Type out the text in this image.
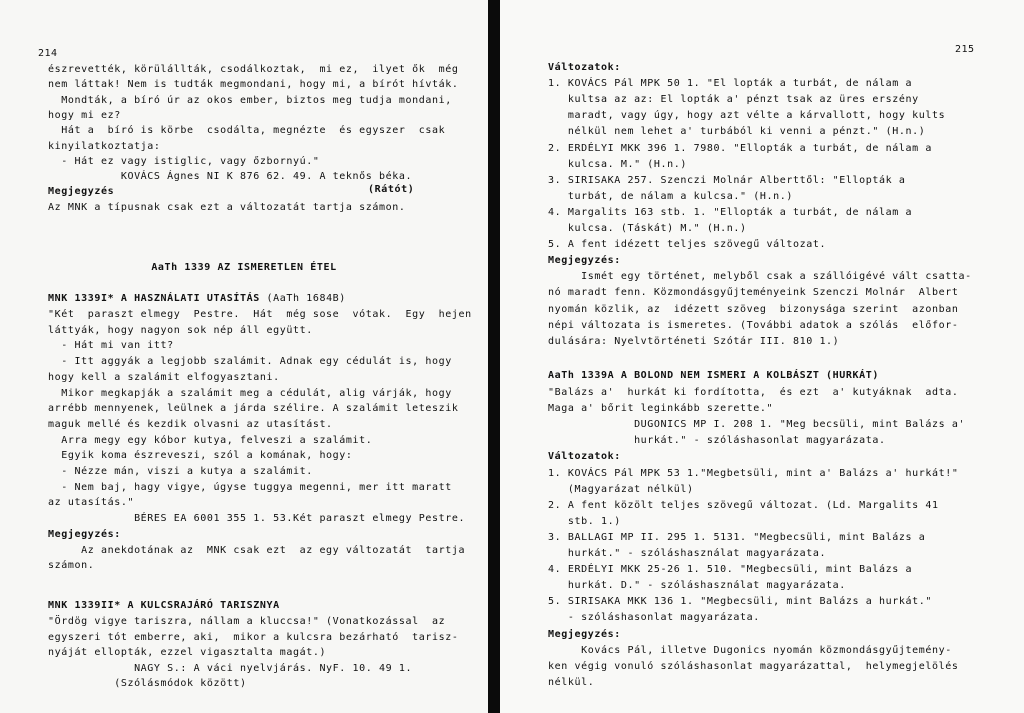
214
észrevették, körülállták, csodálkoztak,  mi ez,  ilyet ők  még
nem láttak! Nem is tudták megmondani, hogy mi, a bírót hívták.
Mondták, a bíró úr az okos ember, biztos meg tudja mondani,
hogy mi ez?
Hát a  bíró is körbe  csodálta, megnézte  és egyszer  csak
kinyilatkoztatja:
- Hát ez vagy istiglic, vagy őzbornyú."
KOVÁCS Ágnes NI K 876 62. 49. A teknős béka.
Megjegyzés
Az MNK a típusnak csak ezt a változatát tartja számon.
(Rátót)
AaTh 1339 AZ ISMERETLEN ÉTEL
MNK 1339I* A HASZNÁLATI UTASÍTÁS (AaTh 1684B)
"Két  paraszt elmegy  Pestre.  Hát  még sose  vótak.  Egy  hejen
láttyák, hogy nagyon sok nép áll együtt.
- Hát mi van itt?
- Itt aggyák a legjobb szalámit. Adnak egy cédulát is, hogy
hogy kell a szalámit elfogyasztani.
Mikor megkapják a szalámit meg a cédulát, alig várják, hogy
arrébb mennyenek, leülnek a járda szélire. A szalámit leteszik
maguk mellé és kezdik olvasni az utasítást.
Arra megy egy kóbor kutya, felveszi a szalámit.
Egyik koma észreveszi, szól a komának, hogy:
- Nézze mán, viszi a kutya a szalámit.
- Nem baj, hagy vigye, úgyse tuggya megenni, mer itt maratt
az utasítás."
BÉRES EA 6001 355 1. 53.Két paraszt elmegy Pestre.
Megjegyzés:
Az anekdotának az  MNK csak ezt  az egy változatát  tartja
számon.
MNK 1339II* A KULCSRAJÁRÓ TARISZNYA
"Ördög vigye tariszra, nállam a kluccsa!" (Vonatkozással  az
egyszeri tót emberre, aki,  mikor a kulcsra bezárható  tarisz-
nyáját ellopták, ezzel vigasztalta magát.)
NAGY S.: A váci nyelvjárás. NyF. 10. 49 1.
(Szólásmódok között)
215
Változatok:
1. KOVÁCS Pál MPK 50 1. "El lopták a turbát, de nálam a
kultsa az az: El lopták a' pénzt tsak az üres erszény
maradt, vagy úgy, hogy azt vélte a kárvallott, hogy kults
nélkül nem lehet a' turbából ki venni a pénzt." (H.n.)
2. ERDÉLYI MKK 396 1. 7980. "Ellopták a turbát, de nálam a
kulcsa. M." (H.n.)
3. SIRISAKA 257. Szenczi Molnár Alberttől: "Ellopták a
turbát, de nálam a kulcsa." (H.n.)
4. Margalits 163 stb. 1. "Ellopták a turbát, de nálam a
kulcsa. (Táskát) M." (H.n.)
5. A fent idézett teljes szövegű változat.
Megjegyzés:
Ismét egy történet, melyből csak a szállóigévé vált csatta-
nó maradt fenn. Közmondásgyűjteményeink Szenczi Molnár  Albert
nyomán közlik, az  idézett szöveg  bizonyságа szerint  azonban
népi változata is ismeretes. (További adatok a szólás  előfor-
dulására: Nyelvtörténeti Szótár III. 810 1.)
AaTh 1339A A BOLOND NEM ISMERI A KOLBÁSZT (HURKÁT)
"Balázs a'  hurkát ki fordította,  és ezt  a' kutyáknak  adta.
Maga a' bőrit leginkább szerette."
DUGONICS MP I. 208 1. "Meg becsüli, mint Balázs a'
hurkát." - szóláshasonlat magyarázata.
Változatok:
1. KOVÁCS Pál MPK 53 1."Megbetsüli, mint a' Balázs a' hurkát!"
(Magyarázat nélkül)
2. A fent közölt teljes szövegű változat. (Ld. Margalits 41
stb. 1.)
3. BALLAGI MP II. 295 1. 5131. "Megbecsüli, mint Balázs a
hurkát." - szóláshasználat magyarázata.
4. ERDÉLYI MKK 25-26 1. 510. "Megbecsüli, mint Balázs a
hurkát. D." - szóláshasználat magyarázata.
5. SIRISAKA MKK 136 1. "Megbecsüli, mint Balázs a hurkát."
- szóláshasonlat magyarázata.
Megjegyzés:
Kovács Pál, illetve Dugonics nyomán közmondásgyűjtemény-
ken végig vonuló szóláshasonlat magyarázattal,  helymegjelölés
nélkül.
